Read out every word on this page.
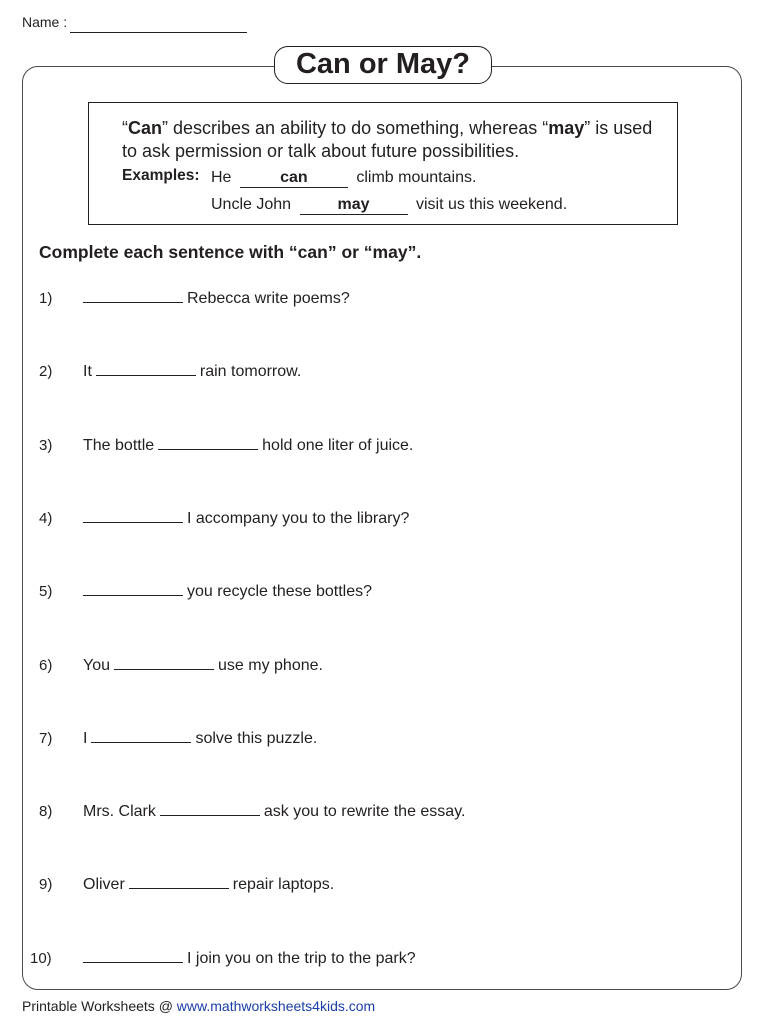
Name :
Can or May?
“Can” describes an ability to do something, whereas “may” is used to ask permission or talk about future possibilities.
Examples: He	can	climb mountains.
Uncle John	may	visit us this weekend.
Complete each sentence with “can” or “may”.
1)	Rebecca write poems?
2) It	rain tomorrow.
3) The bottle	hold one liter of juice.
4)	I accompany you to the library?
5)	you recycle these bottles?
6) You	use my phone.
7) I	solve this puzzle.
8) Mrs. Clark	ask you to rewrite the essay.
9) Oliver	repair laptops.
10)	I join you on the trip to the park?
Printable Worksheets @ www.mathworksheets4kids.com
